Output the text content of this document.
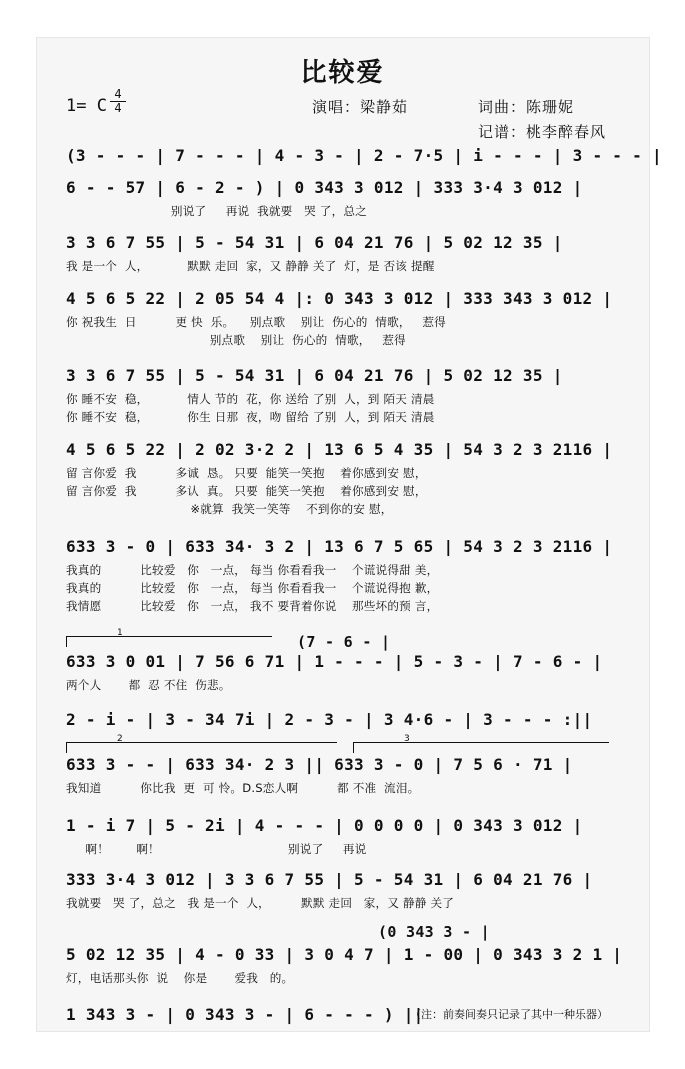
比较爱
1= C
4
4	演唱：梁静茹	词曲：陈珊妮
记谱：桃李醉春风
(3 - - - | 7 - - - | 4 - 3 - | 2 - 7·5 | i - - - | 3 - - - |
6 - - 57 | 6 - 2 - ) | 0 343 3 012 | 333 3·4 3 012 |
别说了     再说  我就要   哭 了，总之
3 3 6 7 55 | 5 - 54 31 | 6 04 21 76 | 5 02 12 35 |
我 是一个  人，          默默 走回  家，又 静静 关了  灯，是 否该 提醒
4 5 6 5 22 | 2 05 54 4 |: 0 343 3 012 | 333 343 3 012 |
你 祝我生  日          更 快  乐。    别点歌    别让  伤心的  情歌，   惹得
别点歌    别让  伤心的  情歌，   惹得
3 3 6 7 55 | 5 - 54 31 | 6 04 21 76 | 5 02 12 35 |
你 睡不安  稳，          情人 节的  花，你 送给 了别  人，到 陌天 清晨
你 睡不安  稳，          你生 日那  夜，吻 留给 了别  人，到 陌天 清晨
4 5 6 5 22 | 2 02 3·2 2 | 13 6 5 4 35 | 54 3 2 3 2116 |
留 言你爱  我          多诚  恳。 只要  能笑一笑抱    着你感到安 慰，
留 言你爱  我          多认  真。 只要  能笑一笑抱    着你感到安 慰，
※就算  我笑一笑等    不到你的安 慰，
633 3 - 0 | 633 34· 3 2 | 13 6 7 5 65 | 54 3 2 3 2116 |
我真的          比较爱   你   一点， 每当 你看看我一    个谎说得甜 美，
我真的          比较爱   你   一点， 每当 你看看我一    个谎说得抱 歉，
我情愿          比较爱   你   一点， 我不 要背着你说    那些坏的预 言，
633 3 0 01 | 7 56 6 71 | 1 - - - | 5 - 3 - | 7 - 6 - |
两个人       都  忍 不住  伤悲。
2 - i - | 3 - 34 7i | 2 - 3 - | 3 4·6 - | 3 - - - :||
633 3 - - | 633 34· 2 3 || 633 3 - 0 | 7 5 6 · 71 |
我知道          你比我  更  可 怜。D.S恋人啊          都 不准  流泪。
1 - i 7 | 5 - 2i | 4 - - - | 0 0 0 0 | 0 343 3 012 |
啊！       啊！                                 别说了     再说
333 3·4 3 012 | 3 3 6 7 55 | 5 - 54 31 | 6 04 21 76 |
我就要   哭 了，总之   我 是一个  人，        默默 走回   家，又 静静 关了
5 02 12 35 | 4 - 0 33 | 3 0 4 7 | 1 - 00 | 0 343 3 2 1 |
灯，电话那头你  说    你是       爱我   的。
1 343 3 - | 0 343 3 - | 6 - - - ) ||
1	(7 - 6 - |
2	3
(0 343 3 - |
（注：前奏间奏只记录了其中一种乐器）
